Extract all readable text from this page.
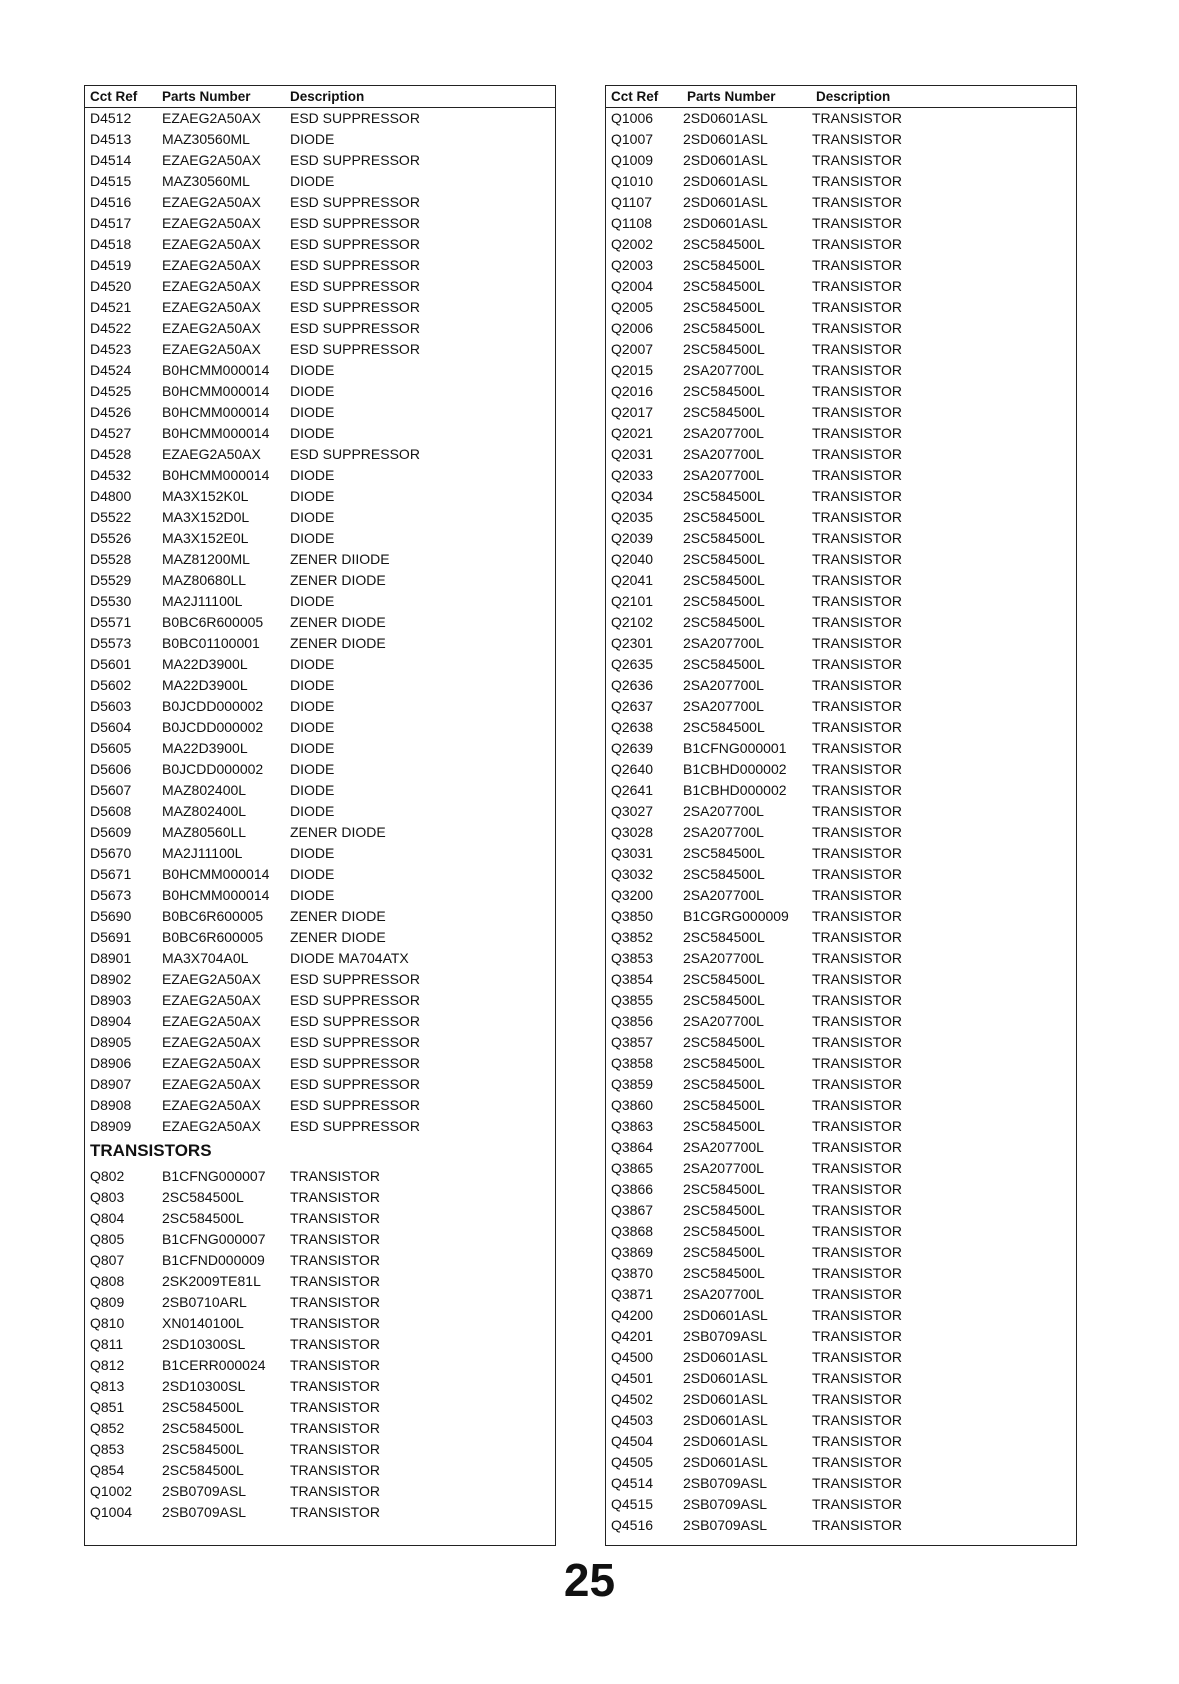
Cct Ref Parts Number	Description
D4512 EZAEG2A50AX ESD SUPPRESSOR
D4513 MAZ30560ML	DIODE
D4514 EZAEG2A50AX ESD SUPPRESSOR
D4515 MAZ30560ML	DIODE
D4516 EZAEG2A50AX ESD SUPPRESSOR
D4517 EZAEG2A50AX ESD SUPPRESSOR
D4518 EZAEG2A50AX ESD SUPPRESSOR
D4519 EZAEG2A50AX ESD SUPPRESSOR
D4520 EZAEG2A50AX ESD SUPPRESSOR
D4521 EZAEG2A50AX ESD SUPPRESSOR
D4522 EZAEG2A50AX ESD SUPPRESSOR
D4523 EZAEG2A50AX ESD SUPPRESSOR
D4524 B0HCMM000014 DIODE
D4525 B0HCMM000014 DIODE
D4526 B0HCMM000014 DIODE
D4527 B0HCMM000014 DIODE
D4528 EZAEG2A50AX ESD SUPPRESSOR
D4532 B0HCMM000014 DIODE
D4800 MA3X152K0L	DIODE
D5522 MA3X152D0L	DIODE
D5526 MA3X152E0L	DIODE
D5528 MAZ81200ML	ZENER DIIODE
D5529 MAZ80680LL	ZENER DIODE
D5530 MA2J11100L	DIODE
D5571 B0BC6R600005 ZENER DIODE
D5573 B0BC01100001 ZENER DIODE
D5601 MA22D3900L	DIODE
D5602 MA22D3900L	DIODE
D5603 B0JCDD000002 DIODE
D5604 B0JCDD000002 DIODE
D5605 MA22D3900L	DIODE
D5606 B0JCDD000002 DIODE
D5607 MAZ802400L	DIODE
D5608 MAZ802400L	DIODE
D5609 MAZ80560LL	ZENER DIODE
D5670 MA2J11100L	DIODE
D5671 B0HCMM000014 DIODE
D5673 B0HCMM000014 DIODE
D5690 B0BC6R600005 ZENER DIODE
D5691 B0BC6R600005 ZENER DIODE
D8901 MA3X704A0L	DIODE MA704ATX
D8902 EZAEG2A50AX ESD SUPPRESSOR
D8903 EZAEG2A50AX ESD SUPPRESSOR
D8904 EZAEG2A50AX ESD SUPPRESSOR
D8905 EZAEG2A50AX ESD SUPPRESSOR
D8906 EZAEG2A50AX ESD SUPPRESSOR
D8907 EZAEG2A50AX ESD SUPPRESSOR
D8908 EZAEG2A50AX ESD SUPPRESSOR
D8909 EZAEG2A50AX ESD SUPPRESSOR
TRANSISTORS
Q802	B1CFNG000007 TRANSISTOR
Q803	2SC584500L	TRANSISTOR
Q804	2SC584500L	TRANSISTOR
Q805	B1CFNG000007 TRANSISTOR
Q807	B1CFND000009 TRANSISTOR
Q808	2SK2009TE81L TRANSISTOR
Q809	2SB0710ARL	TRANSISTOR
Q810	XN0140100L	TRANSISTOR
Q811	2SD10300SL	TRANSISTOR
Q812	B1CERR000024 TRANSISTOR
Q813	2SD10300SL	TRANSISTOR
Q851	2SC584500L	TRANSISTOR
Q852	2SC584500L	TRANSISTOR
Q853	2SC584500L	TRANSISTOR
Q854	2SC584500L	TRANSISTOR
Q1002 2SB0709ASL	TRANSISTOR
Q1004 2SB0709ASL	TRANSISTOR
Cct Ref Parts Number	Description
Q1006 2SD0601ASL	TRANSISTOR
Q1007 2SD0601ASL	TRANSISTOR
Q1009 2SD0601ASL	TRANSISTOR
Q1010 2SD0601ASL	TRANSISTOR
Q1107 2SD0601ASL	TRANSISTOR
Q1108 2SD0601ASL	TRANSISTOR
Q2002 2SC584500L	TRANSISTOR
Q2003 2SC584500L	TRANSISTOR
Q2004 2SC584500L	TRANSISTOR
Q2005 2SC584500L	TRANSISTOR
Q2006 2SC584500L	TRANSISTOR
Q2007 2SC584500L	TRANSISTOR
Q2015 2SA207700L	TRANSISTOR
Q2016 2SC584500L	TRANSISTOR
Q2017 2SC584500L	TRANSISTOR
Q2021 2SA207700L	TRANSISTOR
Q2031 2SA207700L	TRANSISTOR
Q2033 2SA207700L	TRANSISTOR
Q2034 2SC584500L	TRANSISTOR
Q2035 2SC584500L	TRANSISTOR
Q2039 2SC584500L	TRANSISTOR
Q2040 2SC584500L	TRANSISTOR
Q2041 2SC584500L	TRANSISTOR
Q2101 2SC584500L	TRANSISTOR
Q2102 2SC584500L	TRANSISTOR
Q2301 2SA207700L	TRANSISTOR
Q2635 2SC584500L	TRANSISTOR
Q2636 2SA207700L	TRANSISTOR
Q2637 2SA207700L	TRANSISTOR
Q2638 2SC584500L	TRANSISTOR
Q2639 B1CFNG000001 TRANSISTOR
Q2640 B1CBHD000002 TRANSISTOR
Q2641 B1CBHD000002 TRANSISTOR
Q3027 2SA207700L	TRANSISTOR
Q3028 2SA207700L	TRANSISTOR
Q3031 2SC584500L	TRANSISTOR
Q3032 2SC584500L	TRANSISTOR
Q3200 2SA207700L	TRANSISTOR
Q3850 B1CGRG000009 TRANSISTOR
Q3852 2SC584500L	TRANSISTOR
Q3853 2SA207700L	TRANSISTOR
Q3854 2SC584500L	TRANSISTOR
Q3855 2SC584500L	TRANSISTOR
Q3856 2SA207700L	TRANSISTOR
Q3857 2SC584500L	TRANSISTOR
Q3858 2SC584500L	TRANSISTOR
Q3859 2SC584500L	TRANSISTOR
Q3860 2SC584500L	TRANSISTOR
Q3863 2SC584500L	TRANSISTOR
Q3864 2SA207700L	TRANSISTOR
Q3865 2SA207700L	TRANSISTOR
Q3866 2SC584500L	TRANSISTOR
Q3867 2SC584500L	TRANSISTOR
Q3868 2SC584500L	TRANSISTOR
Q3869 2SC584500L	TRANSISTOR
Q3870 2SC584500L	TRANSISTOR
Q3871 2SA207700L	TRANSISTOR
Q4200 2SD0601ASL	TRANSISTOR
Q4201 2SB0709ASL	TRANSISTOR
Q4500 2SD0601ASL	TRANSISTOR
Q4501 2SD0601ASL	TRANSISTOR
Q4502 2SD0601ASL	TRANSISTOR
Q4503 2SD0601ASL	TRANSISTOR
Q4504 2SD0601ASL	TRANSISTOR
Q4505 2SD0601ASL	TRANSISTOR
Q4514 2SB0709ASL	TRANSISTOR
Q4515 2SB0709ASL	TRANSISTOR
Q4516 2SB0709ASL	TRANSISTOR
25
